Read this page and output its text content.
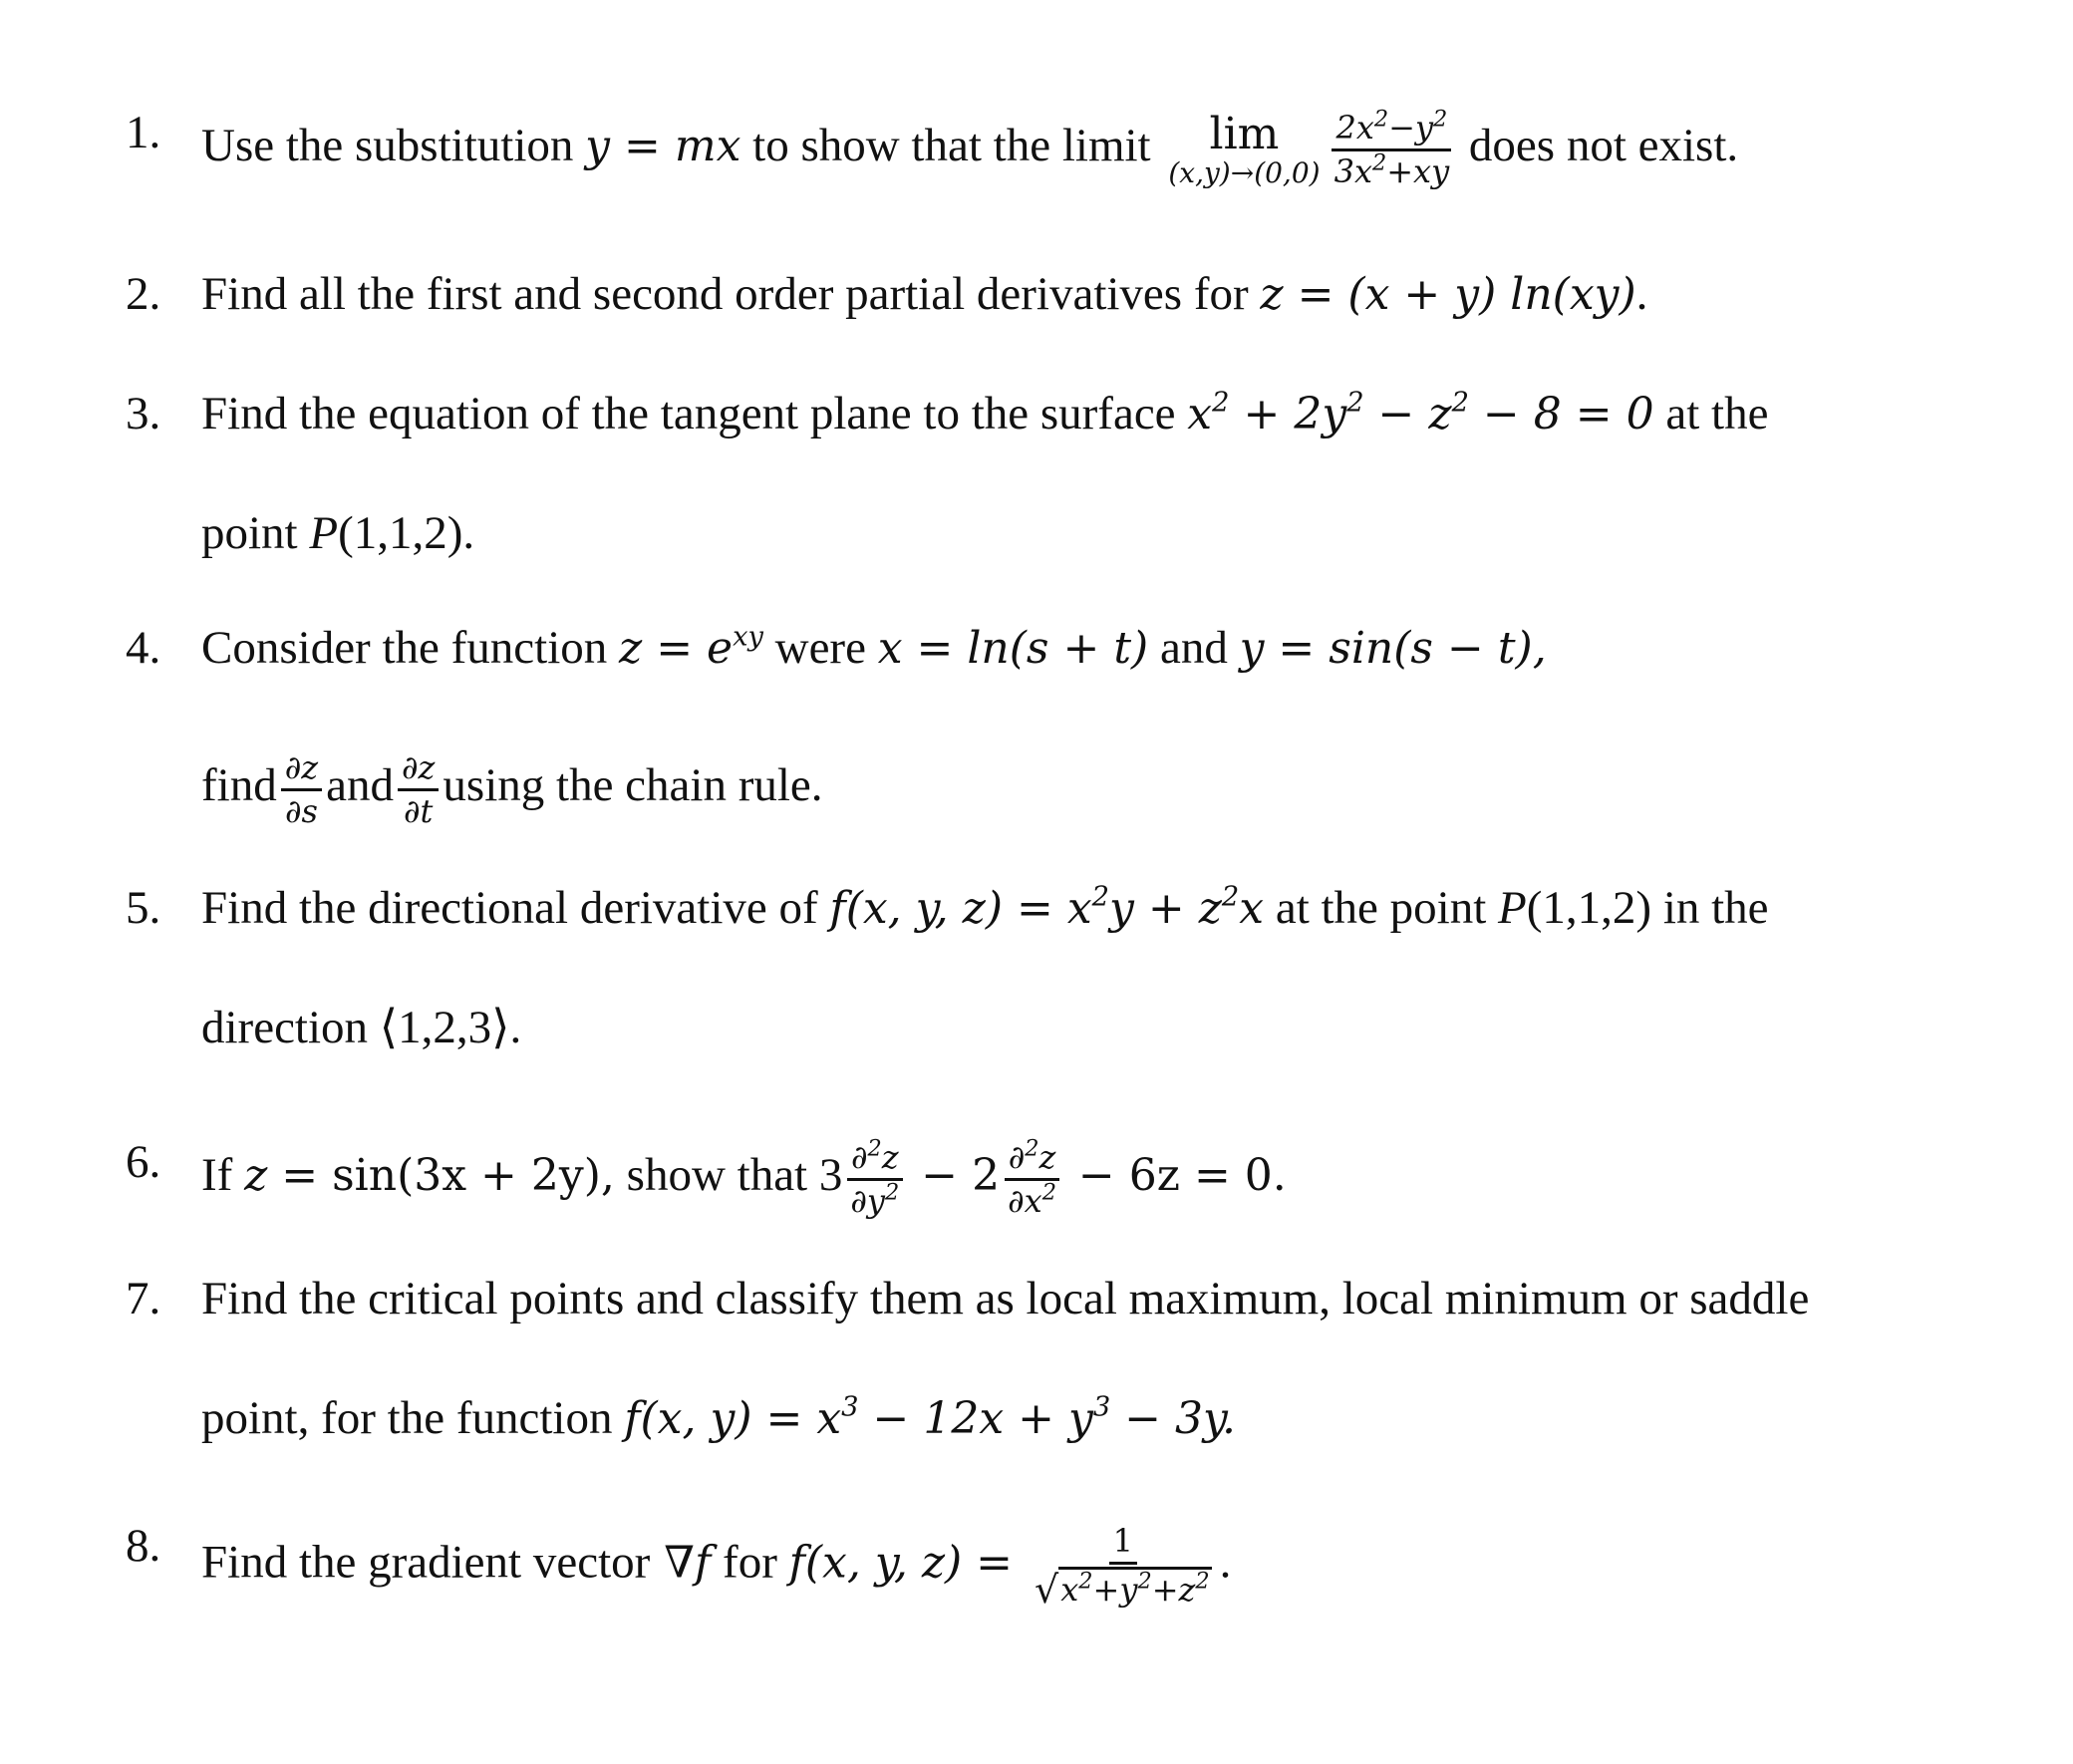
1. Use the substitution y = mx to show that the limit lim
$(x,y)\to(0,0) \frac{2x^2-y^2}{3x^2+xy}$ does not exist.
2. Find all the first and second order partial derivatives for z = (x + y) ln(xy).
3. Find the equation of the tangent plane to the surface $x^2 + 2y^2 - z^2 - 8 = 0$ at the
point P(1,1,2).
4. Consider the function $z = e^{xy}$ were x = ln(s + t) and y = sin(s − t),
find $\frac{\partial z}{\partial s}$ and $\frac{\partial z}{\partial t}$ using the chain rule.
5. Find the directional derivative of f(x, y, $z) = x^2y + z^2x$ at the point P(1,1,2) in the
direction ⟨1,2,3⟩.
6. If z = sin(3x + 2y), show that $3 \frac{\partial^2z}{\partial y^2} - 2 \frac{\partial^2z}{\partial x^2} - 6z = 0$.
7. Find the critical points and classify them as local maximum, local minimum or saddle
point, for the function f(x, $y) = x^3 - 12x + y^3 - 3y$.
8. Find the gradient vector ∇f for f(x, y, $z) = \frac{1}{√ x^2+y^2+z^2}$ .
